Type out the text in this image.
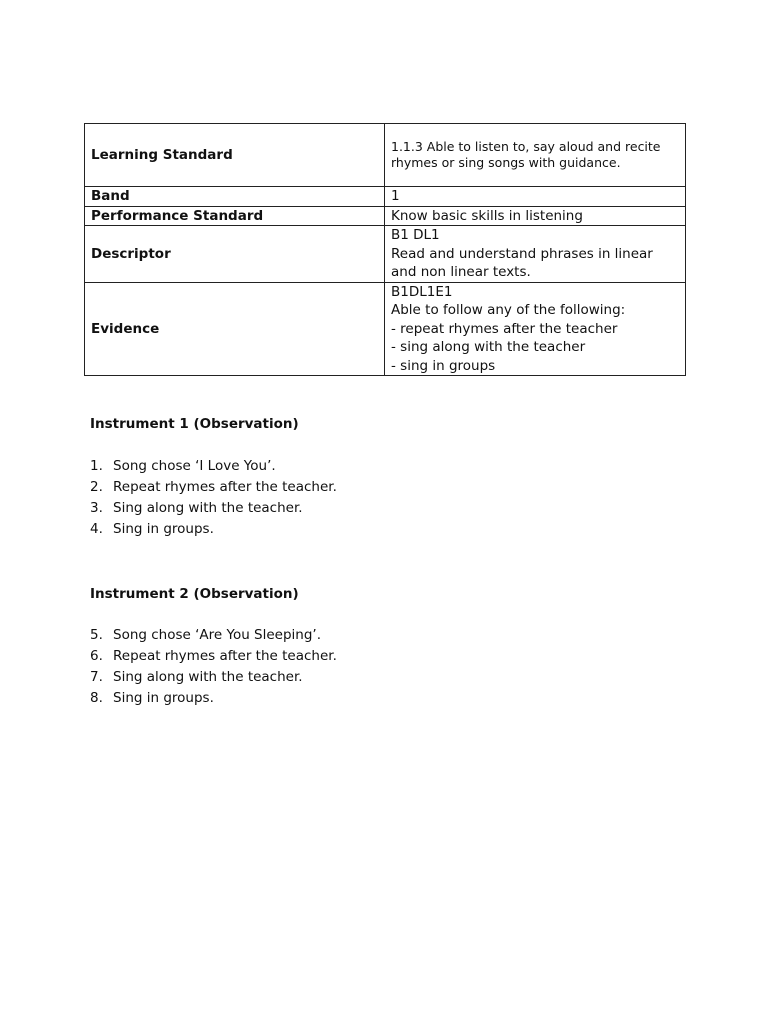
Learning Standard	1.1.3 Able to listen to, say aloud and recite
rhymes or sing songs with guidance.

Band	1

Performance Standard	Know basic skills in listening

Descriptor	B1 DL1
Read and understand phrases in linear
and non linear texts.

Evidence	B1DL1E1
Able to follow any of the following:
- repeat rhymes after the teacher
- sing along with the teacher
- sing in groups
Instrument 1 (Observation)
1. Song chose ‘I Love You’.
2. Repeat rhymes after the teacher.
3. Sing along with the teacher.
4. Sing in groups.
Instrument 2 (Observation)
5. Song chose ‘Are You Sleeping’.
6. Repeat rhymes after the teacher.
7. Sing along with the teacher.
8. Sing in groups.
